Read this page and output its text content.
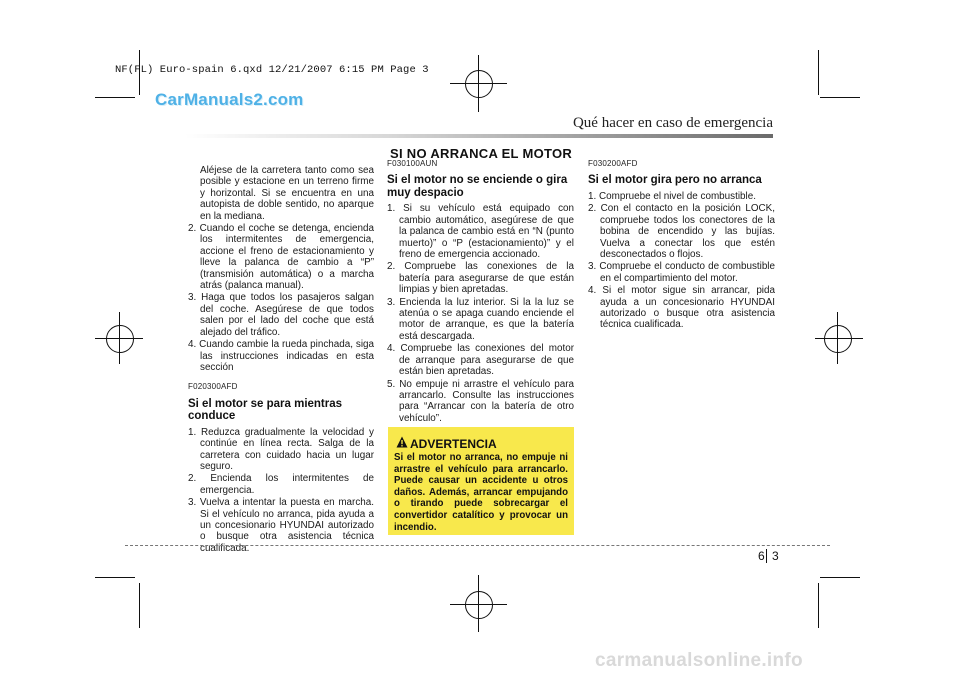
NF(FL) Euro-spain 6.qxd 12/21/2007 6:15 PM Page 3
CarManuals2.com
Qué hacer en caso de emergencia
SI NO ARRANCA EL MOTOR

Aléjese de la carretera tanto como sea posible y estacione en un terreno firme y horizontal. Si se encuentra en una autopista de doble sentido, no aparque en la mediana.

2. Cuando el coche se detenga, encienda los intermitentes de emergencia, accione el freno de estacionamiento y lleve la palanca de cambio a “P” (transmisión automática) o a marcha atrás (palanca manual).
3. Haga que todos los pasajeros salgan del coche. Asegúrese de que todos salen por el lado del coche que está alejado del tráfico.
4. Cuando cambie la rueda pinchada, siga las instrucciones indicadas en esta sección
F020300AFD
Si el motor se para mientras conduce
1. Reduzca gradualmente la velocidad y continúe en línea recta. Salga de la carretera con cuidado hacia un lugar seguro.
2. Encienda los intermitentes de emergencia.
3. Vuelva a intentar la puesta en marcha. Si el vehículo no arranca, pida ayuda a un concesionario HYUNDAI autorizado o busque otra asistencia técnica cualificada.
F030100AUN
Si el motor no se enciende o gira muy despacio
1. Si su vehículo está equipado con cambio automático, asegúrese de que la palanca de cambio está en “N (punto muerto)” o “P (estacionamiento)” y el freno de emergencia accionado.
2. Compruebe las conexiones de la batería para asegurarse de que están limpias y bien apretadas.
3. Encienda la luz interior. Si la la luz se atenúa o se apaga cuando enciende el motor de arranque, es que la batería está descargada.
4. Compruebe las conexiones del motor de arranque para asegurarse de que están bien apretadas.
5. No empuje ni arrastre el vehículo para arrancarlo. Consulte las instrucciones para “Arrancar con la batería de otro vehículo”.
ADVERTENCIA
Si el motor no arranca, no empuje ni arrastre el vehículo para arrancarlo. Puede causar un accidente u otros daños. Además, arrancar empujando o tirando puede sobrecargar el convertidor catalítico y provocar un incendio.
F030200AFD
Si el motor gira pero no arranca
1. Compruebe el nivel de combustible.
2. Con el contacto en la posición LOCK, compruebe todos los conectores de la bobina de encendido y las bujías. Vuelva a conectar los que estén desconectados o flojos.
3. Compruebe el conducto de combustible en el compartimiento del motor.
4. Si el motor sigue sin arrancar, pida ayuda a un concesionario HYUNDAI autorizado o busque otra asistencia técnica cualificada.
6 3
carmanualsonline.info
